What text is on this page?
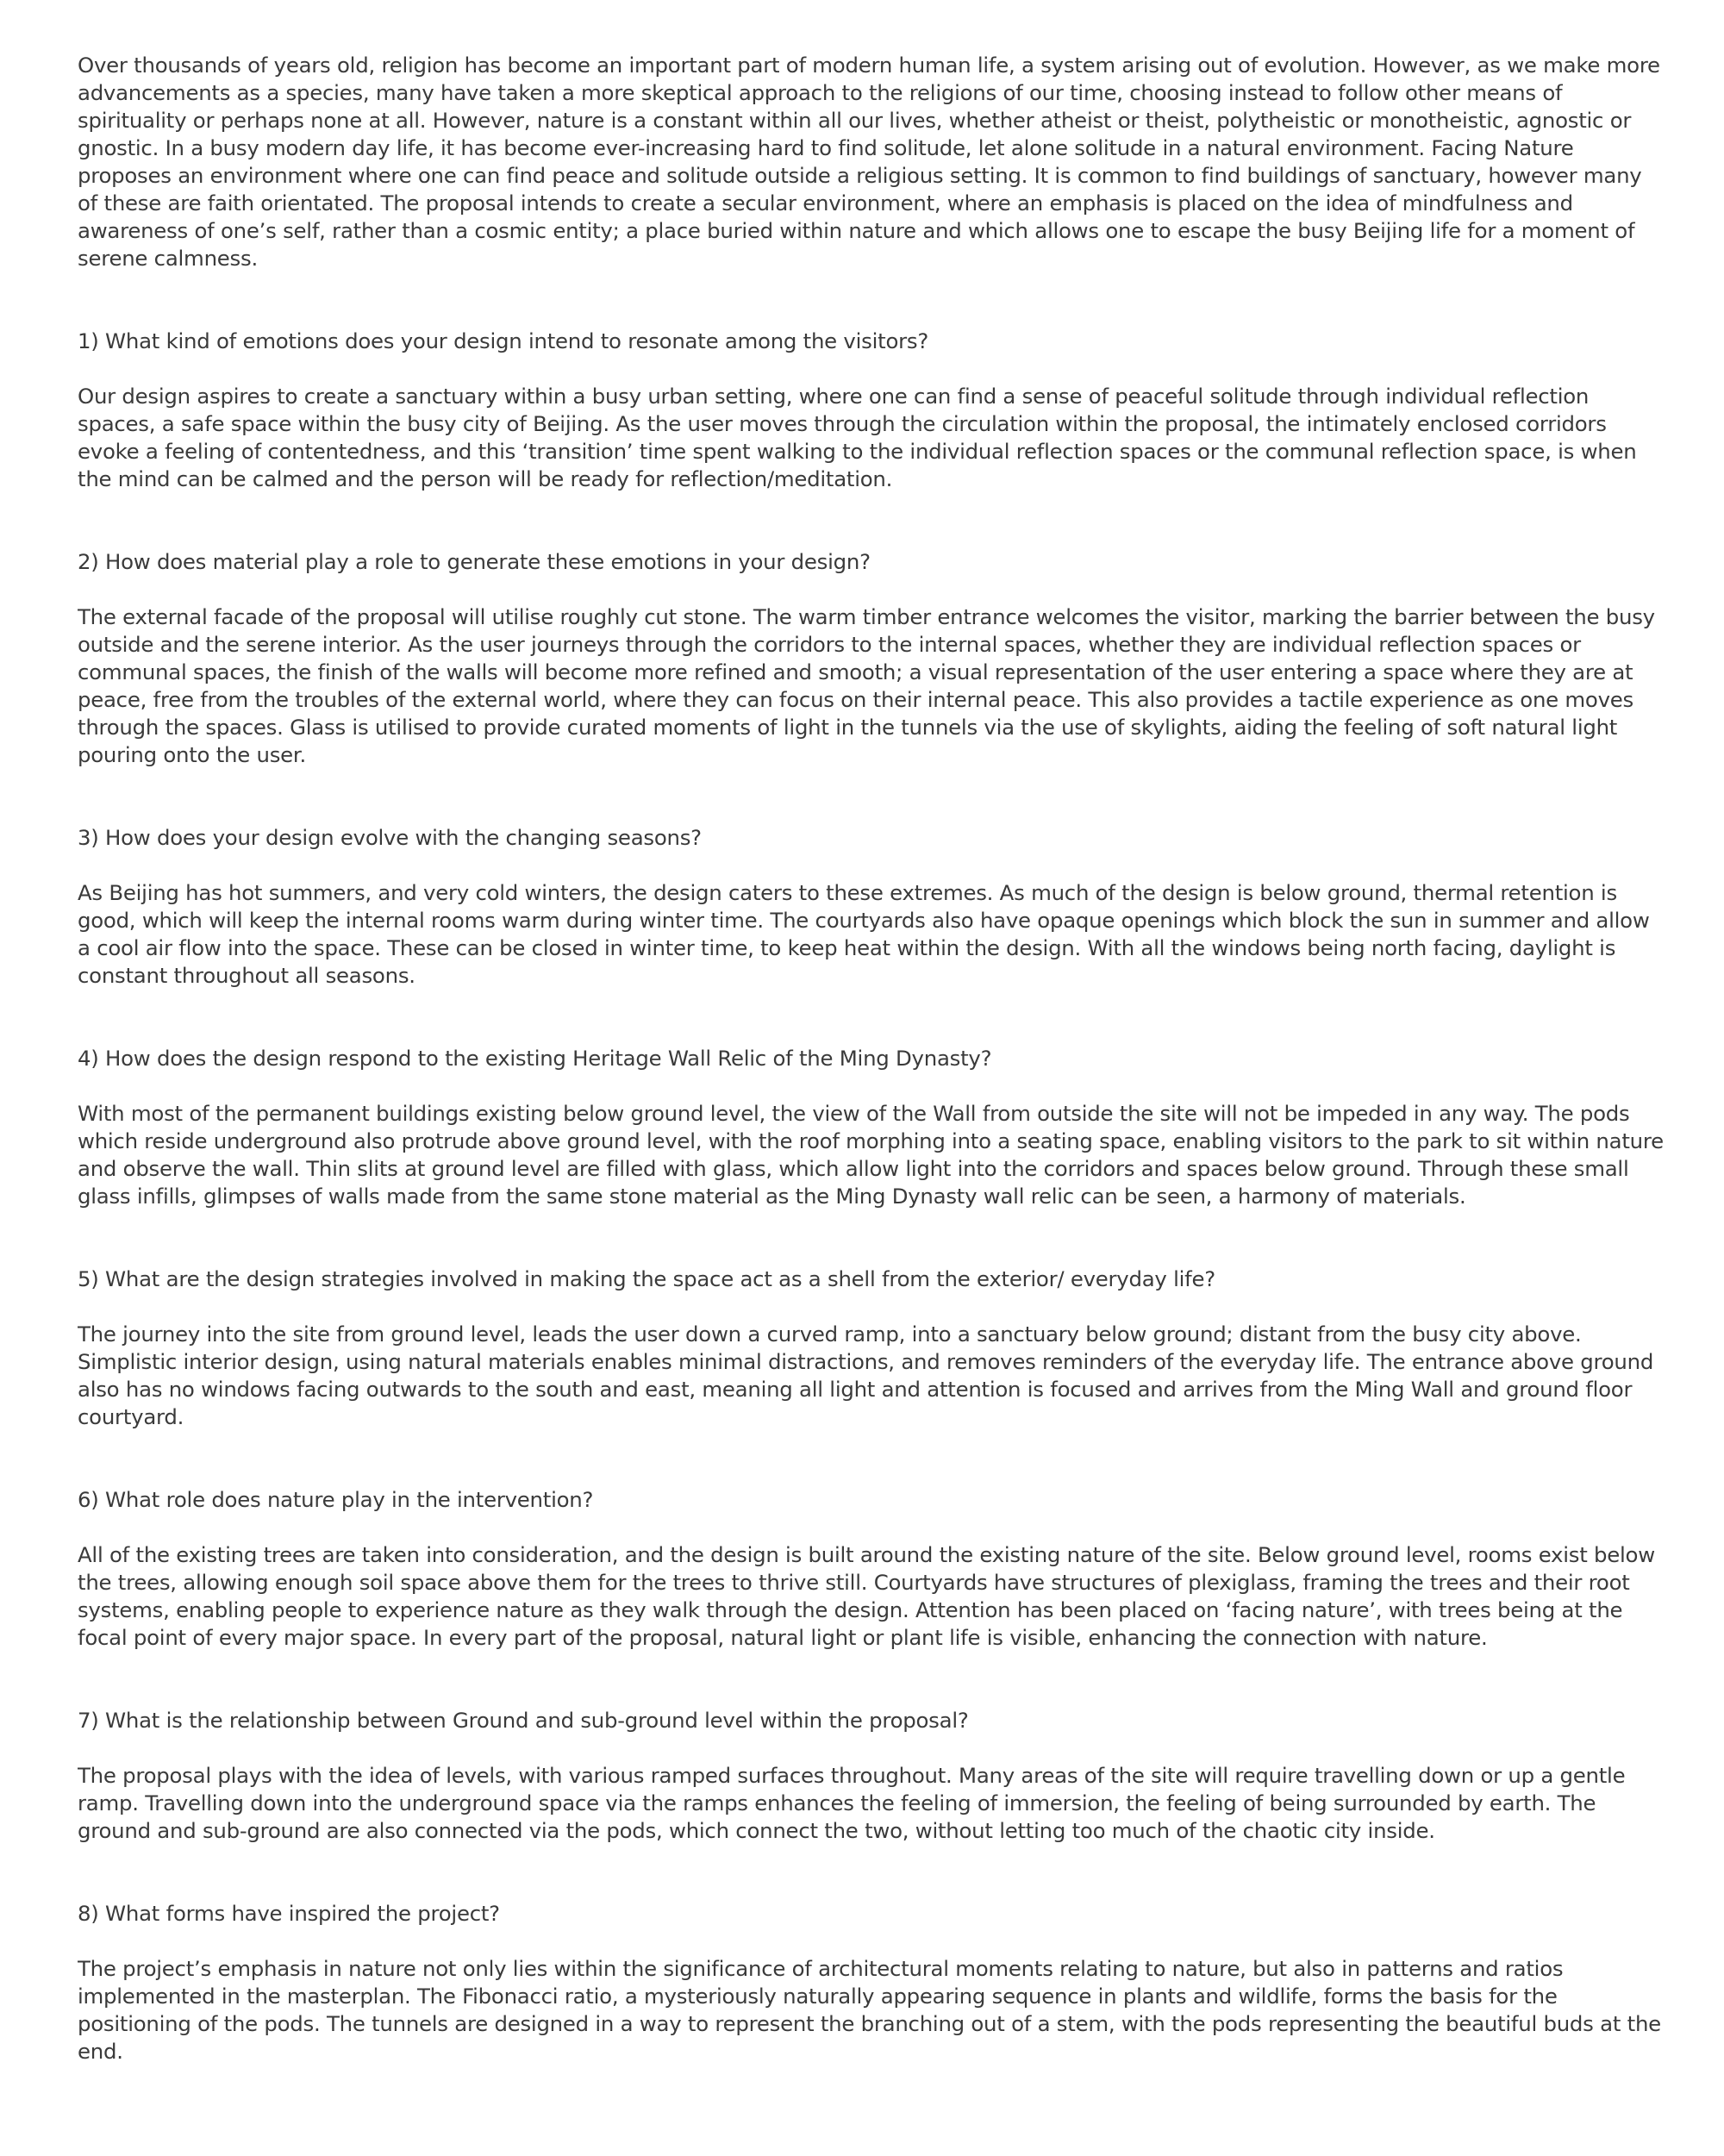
Over thousands of years old, religion has become an important part of modern human life, a system arising out of evolution. However, as we make more advancements as a species, many have taken a more skeptical approach to the religions of our time, choosing instead to follow other means of spirituality or perhaps none at all. However, nature is a constant within all our lives, whether atheist or theist, polytheistic or monotheistic, agnostic or gnostic. In a busy modern day life, it has become ever-increasing hard to find solitude, let alone solitude in a natural environment. Facing Nature proposes an environment where one can find peace and solitude outside a religious setting. It is common to find buildings of sanctuary, however many of these are faith orientated. The proposal intends to create a secular environment, where an emphasis is placed on the idea of mindfulness and awareness of one’s self, rather than a cosmic entity; a place buried within nature and which allows one to escape the busy Beijing life for a moment of serene calmness.

1) What kind of emotions does your design intend to resonate among the visitors?

Our design aspires to create a sanctuary within a busy urban setting, where one can find a sense of peaceful solitude through individual reflection spaces, a safe space within the busy city of Beijing. As the user moves through the circulation within the proposal, the intimately enclosed corridors evoke a feeling of contentedness, and this ‘transition’ time spent walking to the individual reflection spaces or the communal reflection space, is when the mind can be calmed and the person will be ready for reflection/meditation.

2) How does material play a role to generate these emotions in your design?

The external facade of the proposal will utilise roughly cut stone. The warm timber entrance welcomes the visitor, marking the barrier between the busy outside and the serene interior. As the user journeys through the corridors to the internal spaces, whether they are individual reflection spaces or communal spaces, the finish of the walls will become more refined and smooth; a visual representation of the user entering a space where they are at peace, free from the troubles of the external world, where they can focus on their internal peace. This also provides a tactile experience as one moves through the spaces. Glass is utilised to provide curated moments of light in the tunnels via the use of skylights, aiding the feeling of soft natural light pouring onto the user.

3) How does your design evolve with the changing seasons?

As Beijing has hot summers, and very cold winters, the design caters to these extremes. As much of the design is below ground, thermal retention is good, which will keep the internal rooms warm during winter time. The courtyards also have opaque openings which block the sun in summer and allow a cool air flow into the space. These can be closed in winter time, to keep heat within the design. With all the windows being north facing, daylight is constant throughout all seasons.

4) How does the design respond to the existing Heritage Wall Relic of the Ming Dynasty?

With most of the permanent buildings existing below ground level, the view of the Wall from outside the site will not be impeded in any way. The pods which reside underground also protrude above ground level, with the roof morphing into a seating space, enabling visitors to the park to sit within nature and observe the wall. Thin slits at ground level are filled with glass, which allow light into the corridors and spaces below ground. Through these small glass infills, glimpses of walls made from the same stone material as the Ming Dynasty wall relic can be seen, a harmony of materials.

5) What are the design strategies involved in making the space act as a shell from the exterior/ everyday life?

The journey into the site from ground level, leads the user down a curved ramp, into a sanctuary below ground; distant from the busy city above. Simplistic interior design, using natural materials enables minimal distractions, and removes reminders of the everyday life. The entrance above ground also has no windows facing outwards to the south and east, meaning all light and attention is focused and arrives from the Ming Wall and ground floor courtyard.

6) What role does nature play in the intervention?

All of the existing trees are taken into consideration, and the design is built around the existing nature of the site. Below ground level, rooms exist below the trees, allowing enough soil space above them for the trees to thrive still. Courtyards have structures of plexiglass, framing the trees and their root systems, enabling people to experience nature as they walk through the design. Attention has been placed on ‘facing nature’, with trees being at the focal point of every major space. In every part of the proposal, natural light or plant life is visible, enhancing the connection with nature.

7) What is the relationship between Ground and sub-ground level within the proposal?

The proposal plays with the idea of levels, with various ramped surfaces throughout. Many areas of the site will require travelling down or up a gentle ramp. Travelling down into the underground space via the ramps enhances the feeling of immersion, the feeling of being surrounded by earth. The ground and sub-ground are also connected via the pods, which connect the two, without letting too much of the chaotic city inside.

8) What forms have inspired the project?

The project’s emphasis in nature not only lies within the significance of architectural moments relating to nature, but also in patterns and ratios implemented in the masterplan. The Fibonacci ratio, a mysteriously naturally appearing sequence in plants and wildlife, forms the basis for the positioning of the pods. The tunnels are designed in a way to represent the branching out of a stem, with the pods representing the beautiful buds at the end.
